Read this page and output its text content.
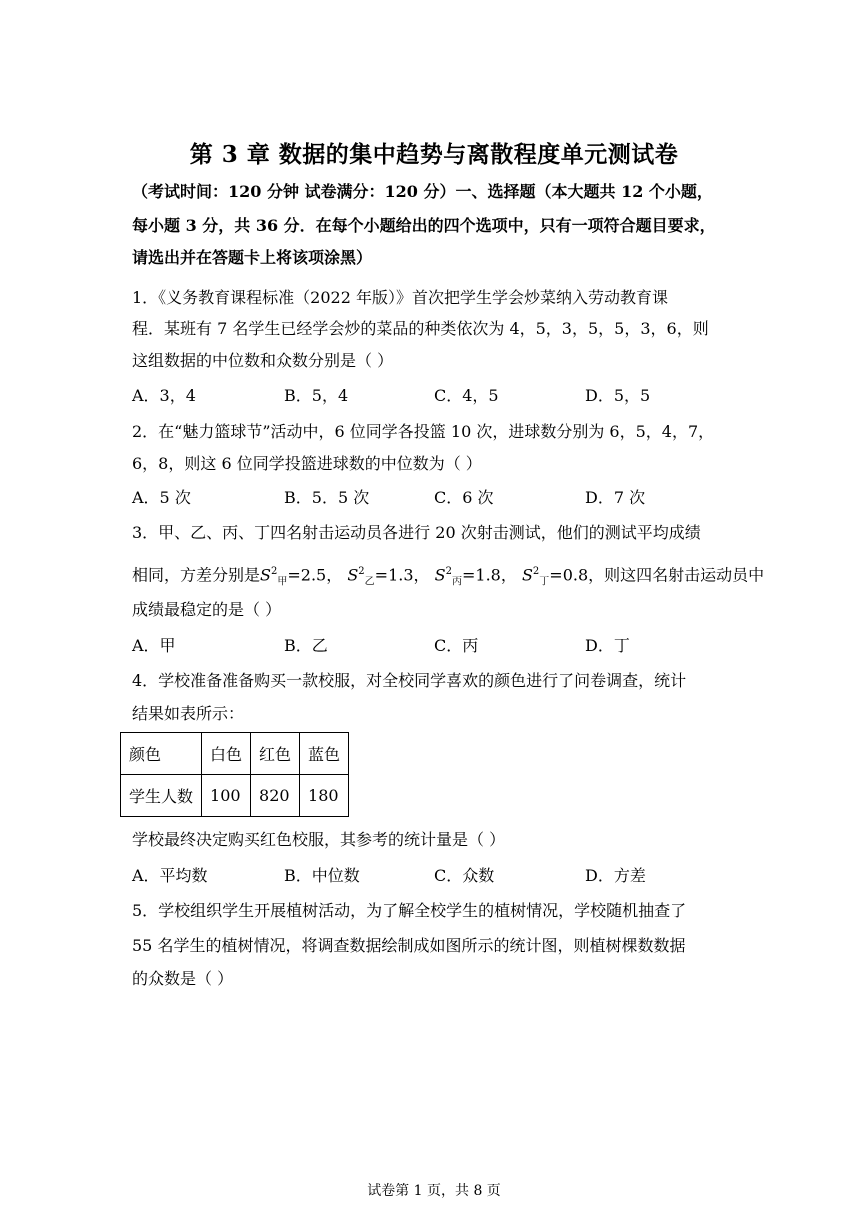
第 3 章 数据的集中趋势与离散程度单元测试卷
（考试时间：120 分钟 试卷满分：120 分）一、选择题（本大题共 12 个小题，
每小题 3 分，共 36 分．在每个小题给出的四个选项中，只有一项符合题目要求，
请选出并在答题卡上将该项涂黑）
1．《义务教育课程标准（2022 年版）》首次把学生学会炒菜纳入劳动教育课
程．某班有 7 名学生已经学会炒的菜品的种类依次为 4，5，3，5，5，3，6，则
这组数据的中位数和众数分别是（ ）
A．3，4	B．5，4	C．4，5	D．5，5
2．在“魅力篮球节”活动中，6 位同学各投篮 10 次，进球数分别为 6，5，4，7，
6，8，则这 6 位同学投篮进球数的中位数为（ ）
A．5 次	B．5．5 次	C．6 次	D．7 次
3．甲、乙、丙、丁四名射击运动员各进行 20 次射击测试，他们的测试平均成绩
相同，方差分别是$S^2_甲=2.5$， $S^2_乙=1.3$， $S^2_丙=1.8$， $S^2_丁=0.8$，则这四名射击运动员中
成绩最稳定的是（ ）
A．甲	B．乙	C．丙	D．丁
4．学校准备准备购买一款校服，对全校同学喜欢的颜色进行了问卷调查，统计
结果如表所示：
颜色	白色	红色	蓝色
学生人数	100	820	180
学校最终决定购买红色校服，其参考的统计量是（ ）
A．平均数	B．中位数	C．众数	D．方差
5．学校组织学生开展植树活动，为了解全校学生的植树情况，学校随机抽查了
55 名学生的植树情况，将调查数据绘制成如图所示的统计图，则植树棵数数据
的众数是（ ）
试卷第 1 页，共 8 页
